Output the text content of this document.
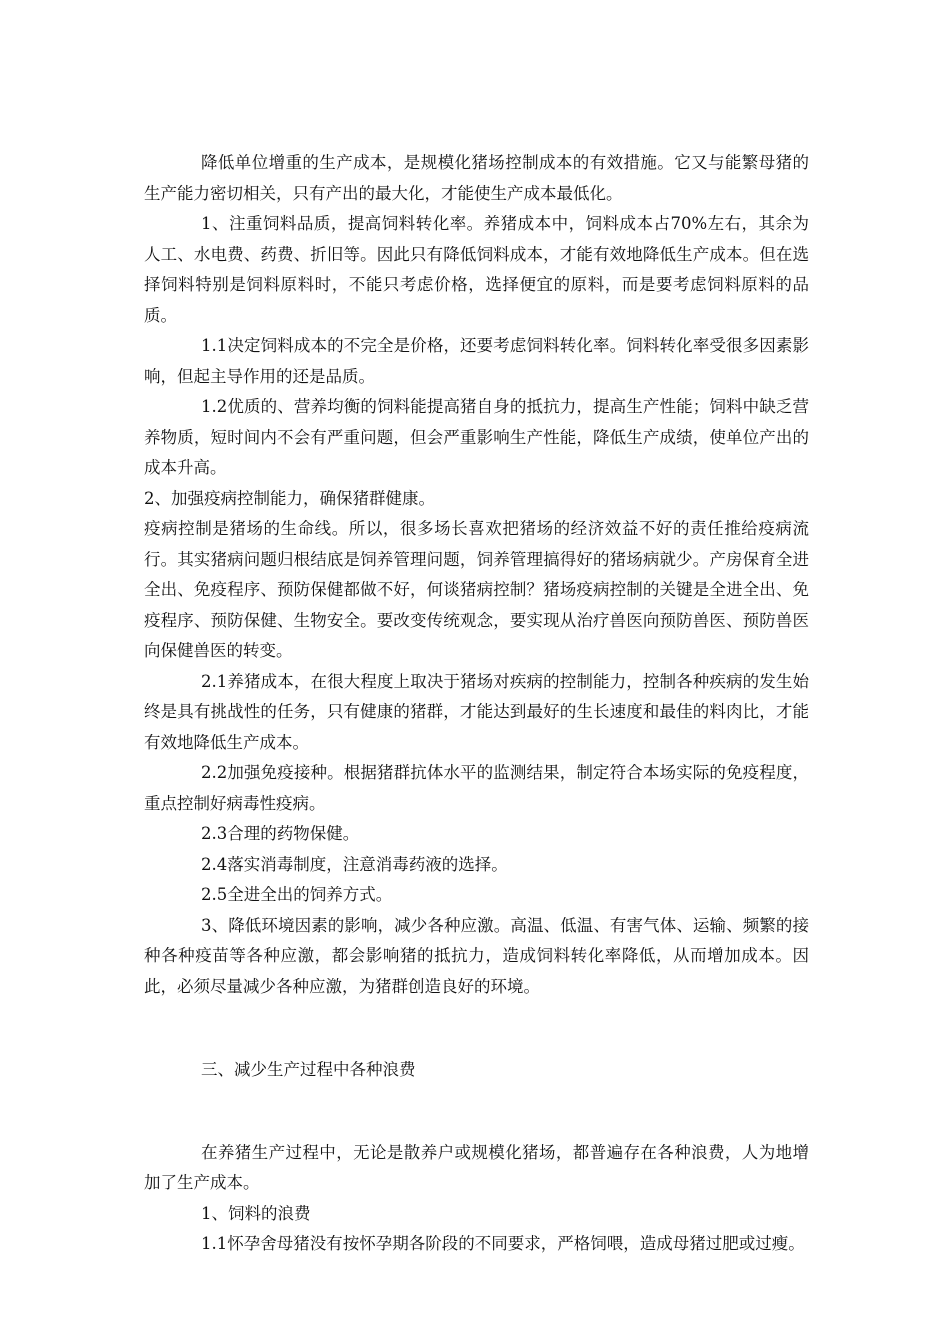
降低单位增重的生产成本，是规模化猪场控制成本的有效措施。它又与能繁母猪的生产能力密切相关，只有产出的最大化，才能使生产成本最低化。

1、注重饲料品质，提高饲料转化率。养猪成本中，饲料成本占70%左右，其余为人工、水电费、药费、折旧等。因此只有降低饲料成本，才能有效地降低生产成本。但在选择饲料特别是饲料原料时，不能只考虑价格，选择便宜的原料，而是要考虑饲料原料的品质。

1.1决定饲料成本的不完全是价格，还要考虑饲料转化率。饲料转化率受很多因素影响，但起主导作用的还是品质。

1.2优质的、营养均衡的饲料能提高猪自身的抵抗力，提高生产性能；饲料中缺乏营养物质，短时间内不会有严重问题，但会严重影响生产性能，降低生产成绩，使单位产出的成本升高。

2、加强疫病控制能力，确保猪群健康。

疫病控制是猪场的生命线。所以，很多场长喜欢把猪场的经济效益不好的责任推给疫病流行。其实猪病问题归根结底是饲养管理问题，饲养管理搞得好的猪场病就少。产房保育全进全出、免疫程序、预防保健都做不好，何谈猪病控制？猪场疫病控制的关键是全进全出、免疫程序、预防保健、生物安全。要改变传统观念，要实现从治疗兽医向预防兽医、预防兽医向保健兽医的转变。

2.1养猪成本，在很大程度上取决于猪场对疾病的控制能力，控制各种疾病的发生始终是具有挑战性的任务，只有健康的猪群，才能达到最好的生长速度和最佳的料肉比，才能有效地降低生产成本。

2.2加强免疫接种。根据猪群抗体水平的监测结果，制定符合本场实际的免疫程度，重点控制好病毒性疫病。

2.3合理的药物保健。

2.4落实消毒制度，注意消毒药液的选择。

2.5全进全出的饲养方式。

3、降低环境因素的影响，减少各种应激。高温、低温、有害气体、运输、频繁的接种各种疫苗等各种应激，都会影响猪的抵抗力，造成饲料转化率降低，从而增加成本。因此，必须尽量减少各种应激，为猪群创造良好的环境。

三、减少生产过程中各种浪费

在养猪生产过程中，无论是散养户或规模化猪场，都普遍存在各种浪费，人为地增加了生产成本。

1、饲料的浪费

1.1怀孕舍母猪没有按怀孕期各阶段的不同要求，严格饲喂，造成母猪过肥或过瘦。
